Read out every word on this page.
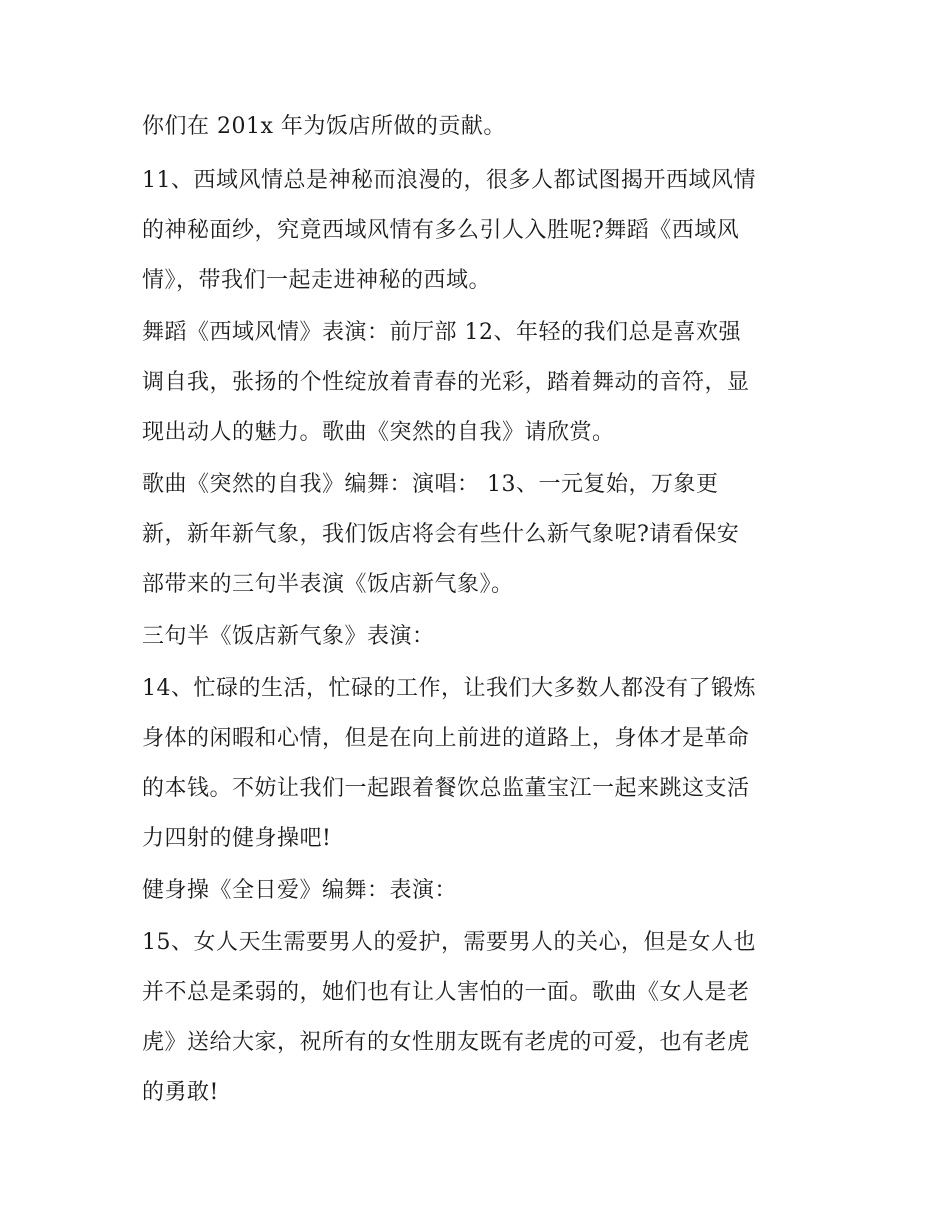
你们在 201x 年为饭店所做的贡献。
11、西域风情总是神秘而浪漫的，很多人都试图揭开西域风情
的神秘面纱，究竟西域风情有多么引人入胜呢?舞蹈《西域风
情》，带我们一起走进神秘的西域。
舞蹈《西域风情》表演：前厅部 12、年轻的我们总是喜欢强
调自我，张扬的个性绽放着青春的光彩，踏着舞动的音符，显
现出动人的魅力。歌曲《突然的自我》请欣赏。
歌曲《突然的自我》编舞：演唱： 13、一元复始，万象更
新，新年新气象，我们饭店将会有些什么新气象呢?请看保安
部带来的三句半表演《饭店新气象》。
三句半《饭店新气象》表演：
14、忙碌的生活，忙碌的工作，让我们大多数人都没有了锻炼
身体的闲暇和心情，但是在向上前进的道路上，身体才是革命
的本钱。不妨让我们一起跟着餐饮总监董宝江一起来跳这支活
力四射的健身操吧!
健身操《全日爱》编舞：表演：
15、女人天生需要男人的爱护，需要男人的关心，但是女人也
并不总是柔弱的，她们也有让人害怕的一面。歌曲《女人是老
虎》送给大家，祝所有的女性朋友既有老虎的可爱，也有老虎
的勇敢!
